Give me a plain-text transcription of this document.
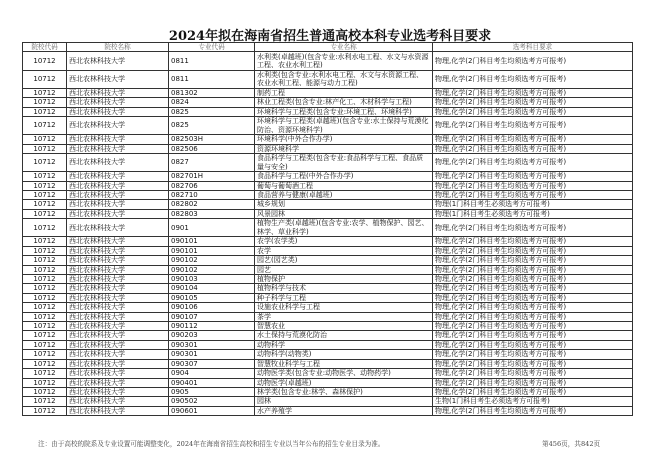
2024年拟在海南省招生普通高校本科专业选考科目要求
院校代码	院校名称	专业代码	专业名称	选考科目要求
10712	西北农林科技大学	0811	水利类(卓越班)(包含专业:水利水电工程、水文与水资源工程、农业水利工程)	物理,化学(2门科目考生均须选考方可报考)
10712	西北农林科技大学	0811	水利类(包含专业:水利水电工程、水文与水资源工程、农业水利工程、能源与动力工程)	物理,化学(2门科目考生均须选考方可报考)
10712	西北农林科技大学	081302	制药工程	物理,化学(2门科目考生均须选考方可报考)
10712	西北农林科技大学	0824	林业工程类(包含专业:林产化工、木材科学与工程)	物理,化学(2门科目考生均须选考方可报考)
10712	西北农林科技大学	0825	环境科学与工程类(包含专业:环境工程、环境科学)	物理,化学(2门科目考生均须选考方可报考)
10712	西北农林科技大学	0825	环境科学与工程类(卓越班)(包含专业:水土保持与荒漠化防治、资源环境科学)	物理,化学(2门科目考生均须选考方可报考)
10712	西北农林科技大学	082503H	环境科学(中外合作办学)	物理,化学(2门科目考生均须选考方可报考)
10712	西北农林科技大学	082506	资源环境科学	物理,化学(2门科目考生均须选考方可报考)
10712	西北农林科技大学	0827	食品科学与工程类(包含专业:食品科学与工程、食品质量与安全)	物理,化学(2门科目考生均须选考方可报考)
10712	西北农林科技大学	082701H	食品科学与工程(中外合作办学)	物理,化学(2门科目考生均须选考方可报考)
10712	西北农林科技大学	082706	葡萄与葡萄酒工程	物理,化学(2门科目考生均须选考方可报考)
10712	西北农林科技大学	082710	食品营养与健康(卓越班)	物理,化学(2门科目考生均须选考方可报考)
10712	西北农林科技大学	082802	城乡规划	物理(1门科目考生必须选考方可报考)
10712	西北农林科技大学	082803	风景园林	物理(1门科目考生必须选考方可报考)
10712	西北农林科技大学	0901	植物生产类(卓越班)(包含专业:农学、植物保护、园艺、林学、草业科学)	物理,化学(2门科目考生均须选考方可报考)
10712	西北农林科技大学	090101	农学(农学类)	物理,化学(2门科目考生均须选考方可报考)
10712	西北农林科技大学	090101	农学	物理,化学(2门科目考生均须选考方可报考)
10712	西北农林科技大学	090102	园艺(园艺类)	物理,化学(2门科目考生均须选考方可报考)
10712	西北农林科技大学	090102	园艺	物理,化学(2门科目考生均须选考方可报考)
10712	西北农林科技大学	090103	植物保护	物理,化学(2门科目考生均须选考方可报考)
10712	西北农林科技大学	090104	植物科学与技术	物理,化学(2门科目考生均须选考方可报考)
10712	西北农林科技大学	090105	种子科学与工程	物理,化学(2门科目考生均须选考方可报考)
10712	西北农林科技大学	090106	设施农业科学与工程	物理,化学(2门科目考生均须选考方可报考)
10712	西北农林科技大学	090107	茶学	物理,化学(2门科目考生均须选考方可报考)
10712	西北农林科技大学	090112	智慧农业	物理,化学(2门科目考生均须选考方可报考)
10712	西北农林科技大学	090203	水土保持与荒漠化防治	物理,化学(2门科目考生均须选考方可报考)
10712	西北农林科技大学	090301	动物科学	物理,化学(2门科目考生均须选考方可报考)
10712	西北农林科技大学	090301	动物科学(动物类)	物理,化学(2门科目考生均须选考方可报考)
10712	西北农林科技大学	090307	智慧牧业科学与工程	物理,化学(2门科目考生均须选考方可报考)
10712	西北农林科技大学	0904	动物医学类(包含专业:动物医学、动物药学)	物理,化学(2门科目考生均须选考方可报考)
10712	西北农林科技大学	090401	动物医学(卓越班)	物理,化学(2门科目考生均须选考方可报考)
10712	西北农林科技大学	0905	林学类(包含专业:林学、森林保护)	物理,化学(2门科目考生均须选考方可报考)
10712	西北农林科技大学	090502	园林	生物(1门科目考生必须选考方可报考)
10712	西北农林科技大学	090601	水产养殖学	物理,化学(2门科目考生均须选考方可报考)
注：由于高校的院系及专业设置可能调整变化，2024年在海南省招生高校和招生专业以当年公布的招生专业目录为准。	第456页，共842页
